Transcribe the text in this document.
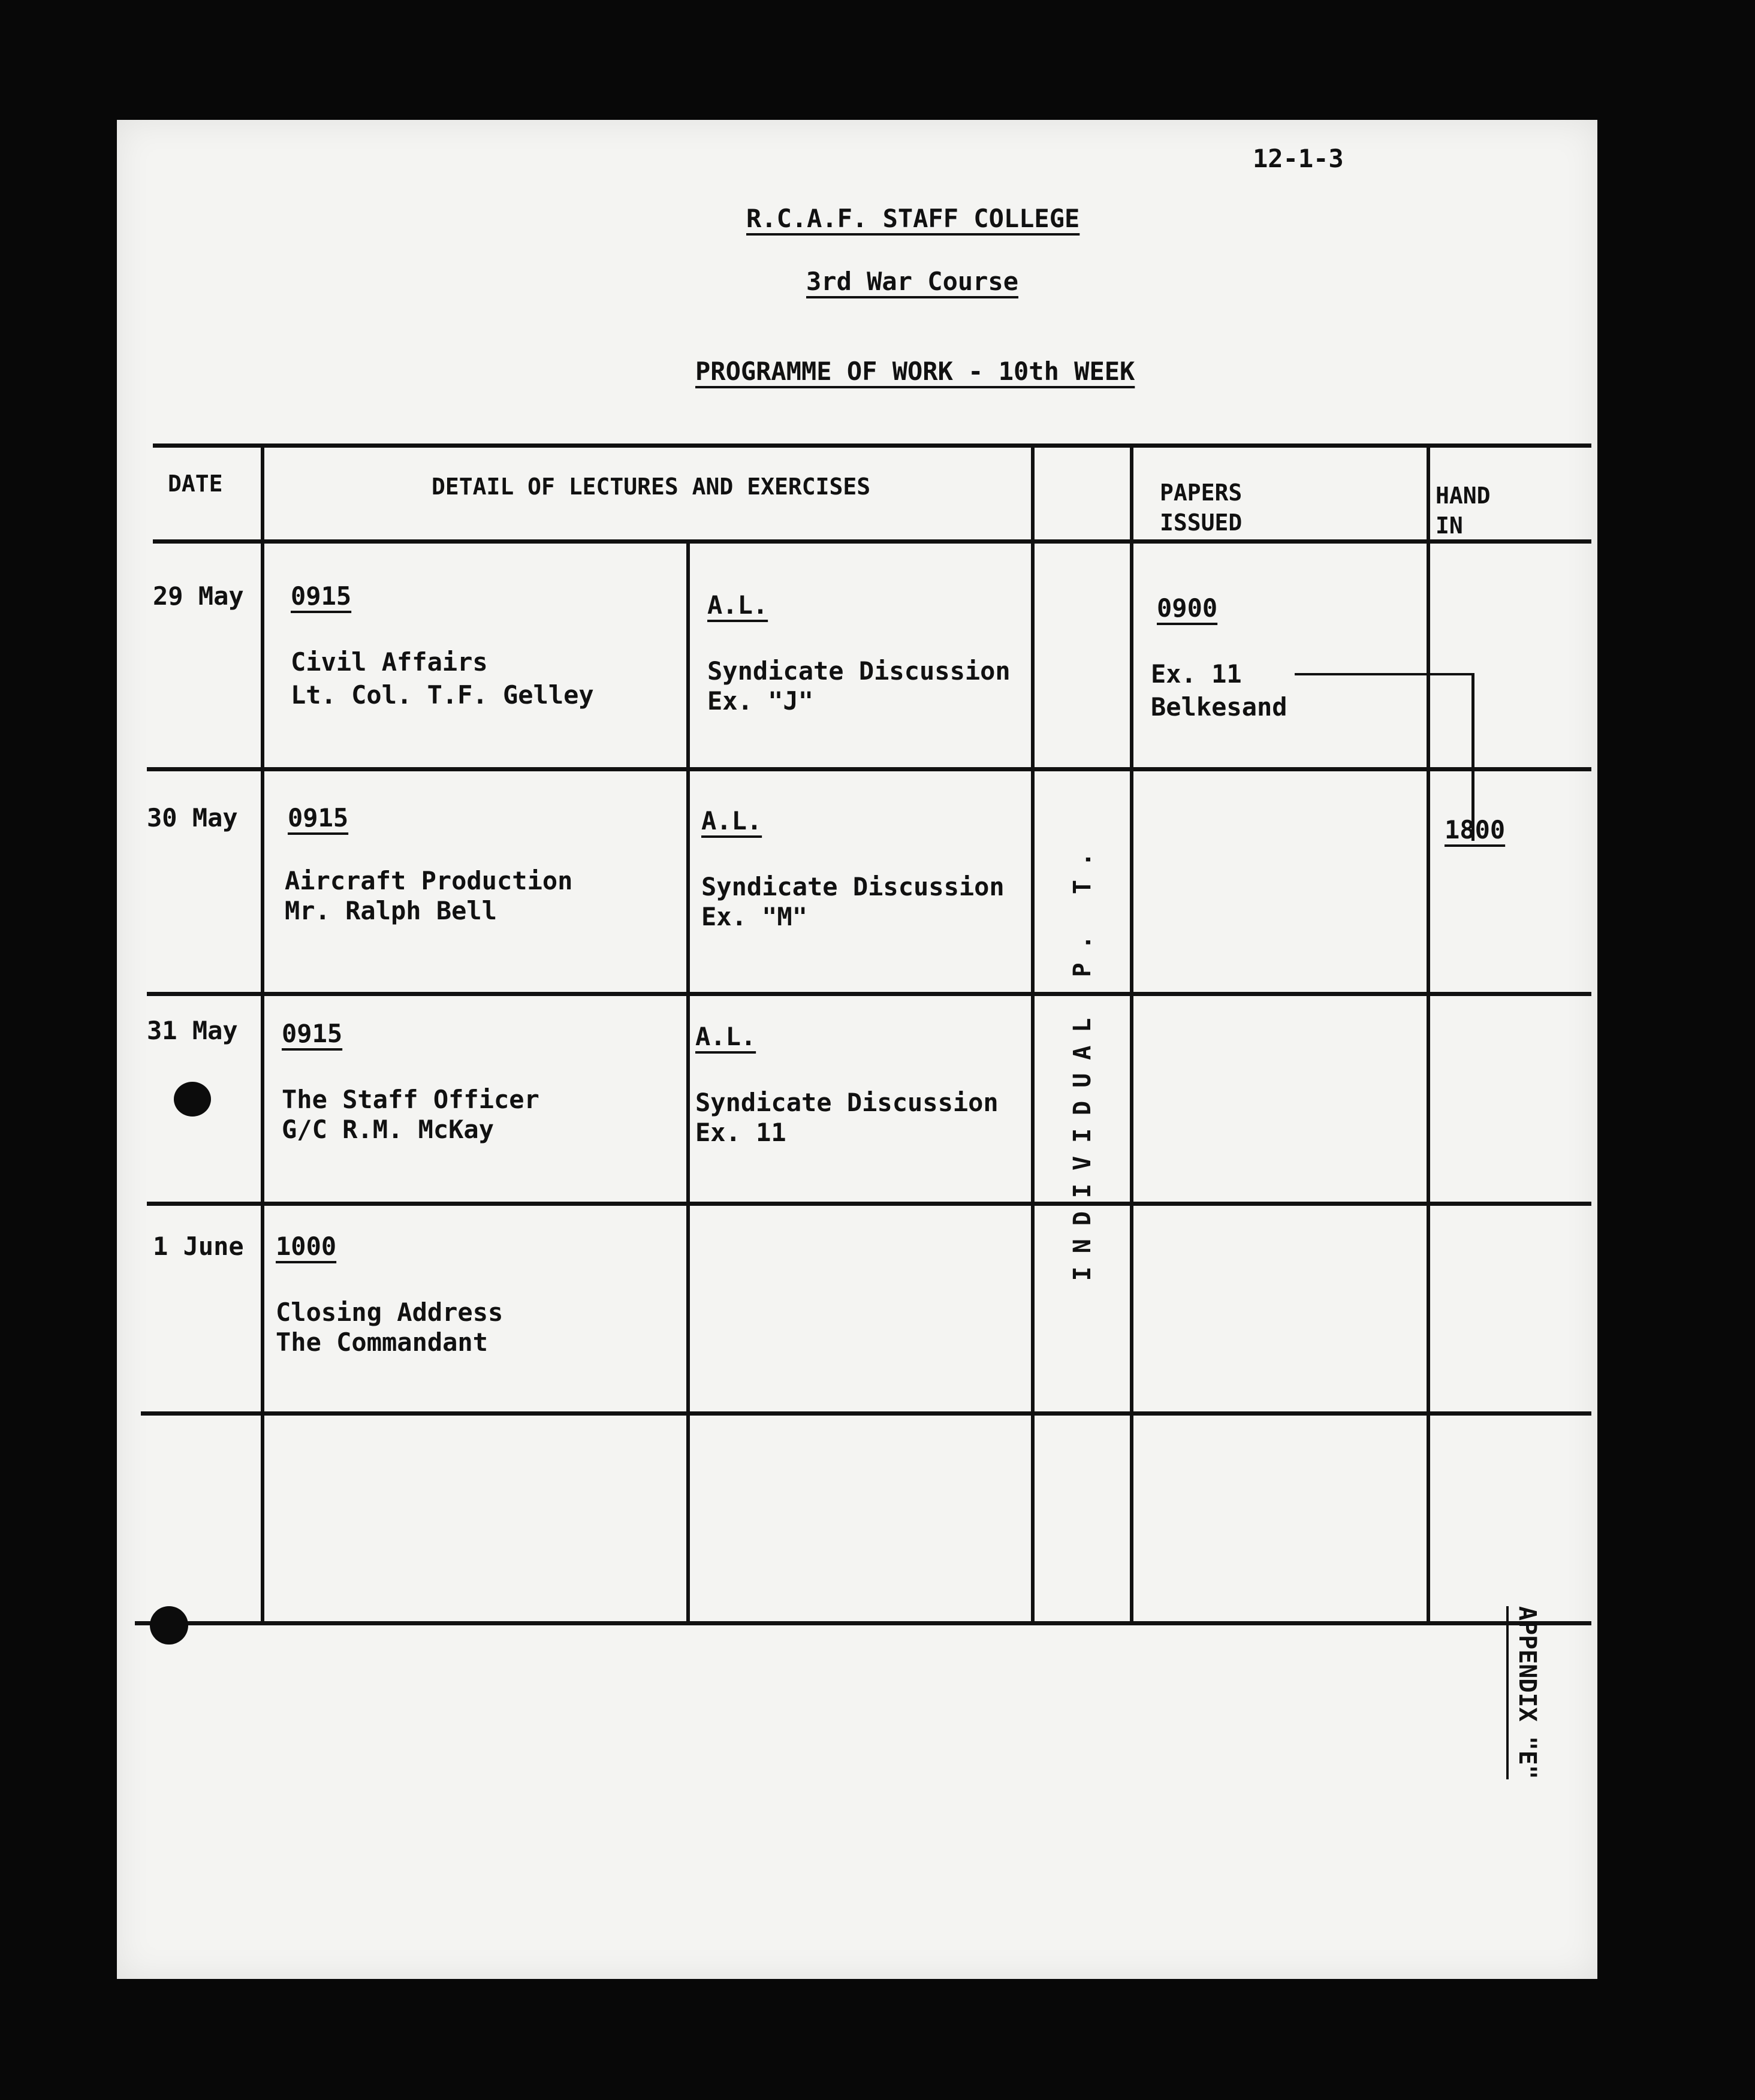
12-1-3
R.C.A.F. STAFF COLLEGE
3rd War Course
PROGRAMME OF WORK - 10th WEEK
DATE	DETAIL OF LECTURES AND EXERCISES	PAPERS
ISSUED
HAND
IN
29 May 0915
Civil Affairs
Lt. Col. T.F. Gelley
A.L.
Syndicate Discussion
Ex. "J"
0900
Ex. 11
Belkesand
30 May 0915
Aircraft Production
Mr. Ralph Bell
A.L.
Syndicate Discussion
Ex. "M"
1800
31 May 0915
The Staff Officer
G/C R.M. McKay
A.L.
Syndicate Discussion
Ex. 11
1 June 1000
Closing Address
The Commandant
INDIVIDUAL P. T.
APPENDIX "E"
